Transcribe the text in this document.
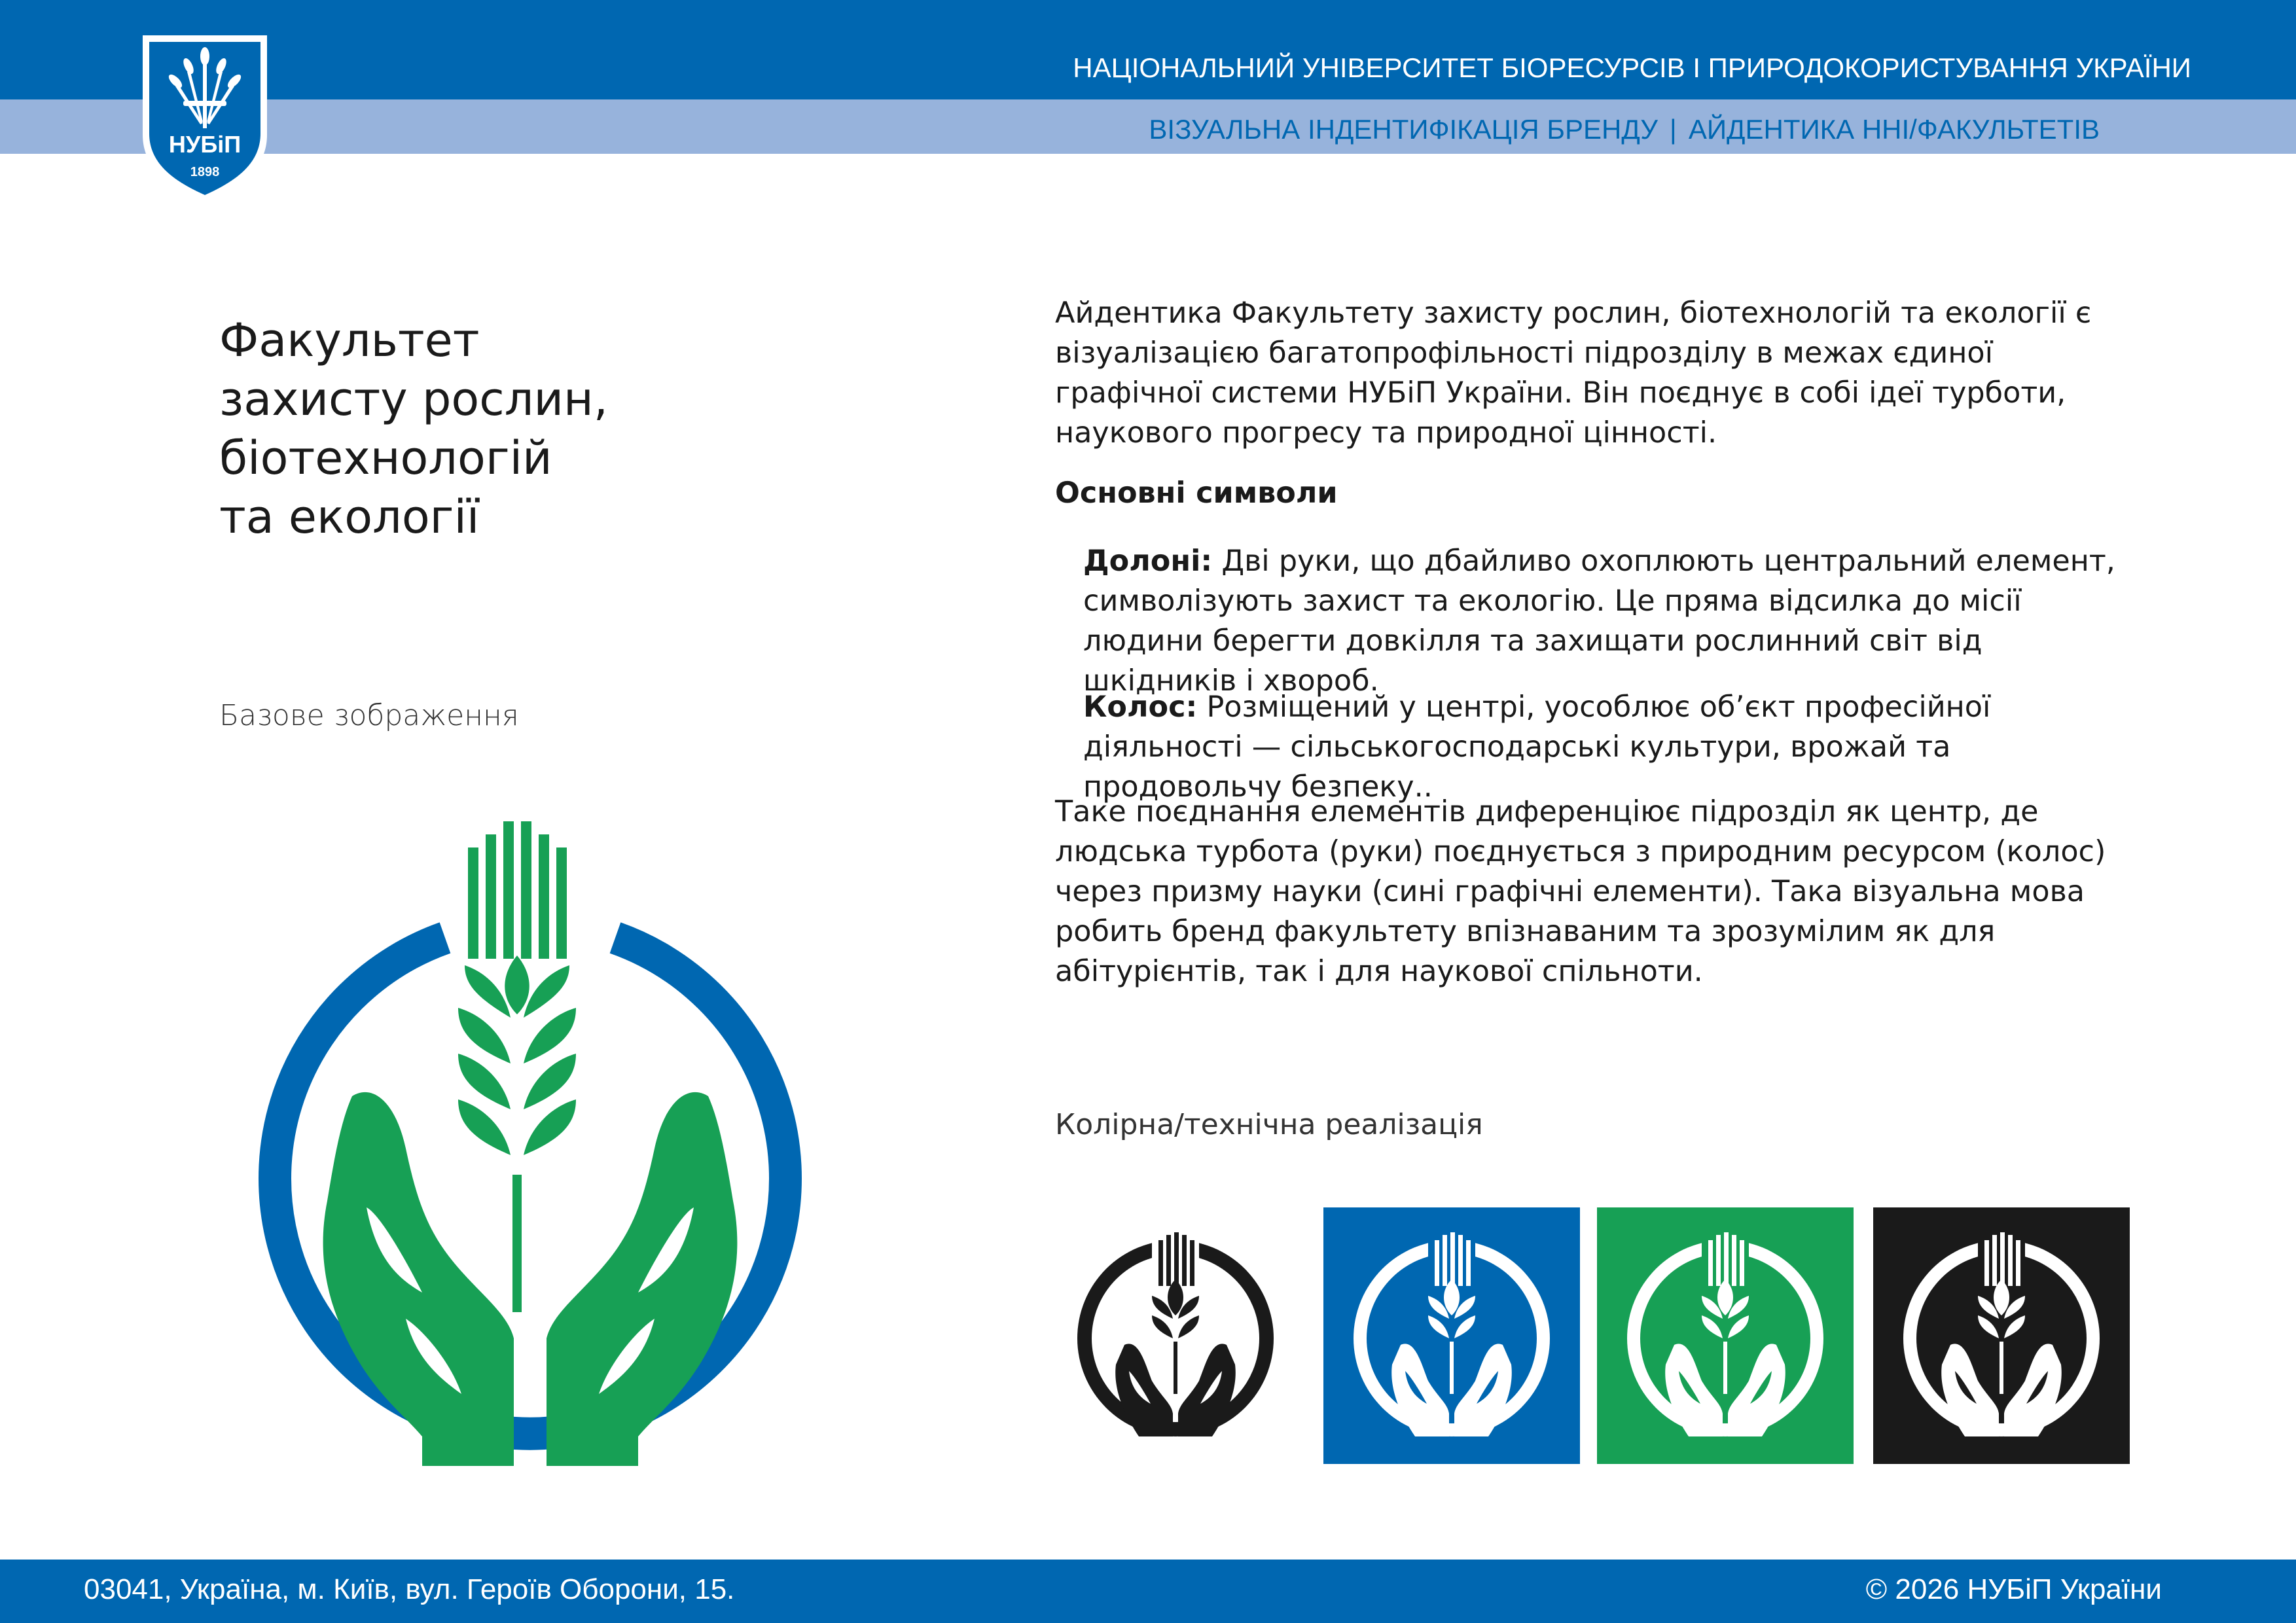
НУБіП
1898
НАЦІОНАЛЬНИЙ УНІВЕРСИТЕТ БІОРЕСУРСІВ І ПРИРОДОКОРИСТУВАННЯ УКРАЇНИ
ВІЗУАЛЬНА ІНДЕНТИФІКАЦІЯ БРЕНДУ | АЙДЕНТИКА ННІ/ФАКУЛЬТЕТІВ
Факультет
захисту рослин,
біотехнологій
та екології
Базове зображення

Айдентика Факультету захисту рослин, біотехнологій та екології є візуалізацією багатопрофільності підрозділу в межах єдиної графічної системи НУБіП України. Він поєднує в собі ідеї турботи, наукового прогресу та природної цінності.

Основні символи
Долоні: Дві руки, що дбайливо охоплюють центральний елемент, символізують захист та екологію. Це пряма відсилка до місії людини берегти довкілля та захищати рослинний світ від шкідників і хвороб.
Колос: Розміщений у центрі, уособлює об’єкт професійної діяльності — сільськогосподарські культури, врожай та продовольчу безпеку..
Таке поєднання елементів диференціює підрозділ як центр, де людська турбота (руки) поєднується з природним ресурсом (колос) через призму науки (сині графічні елементи). Така візуальна мова робить бренд факультету впізнаваним та зрозумілим як для абітурієнтів, так і для наукової спільноти.
Колірна/технічна реалізація
03041, Україна, м. Київ, вул. Героїв Оборони, 15.	© 2026 НУБіП України
